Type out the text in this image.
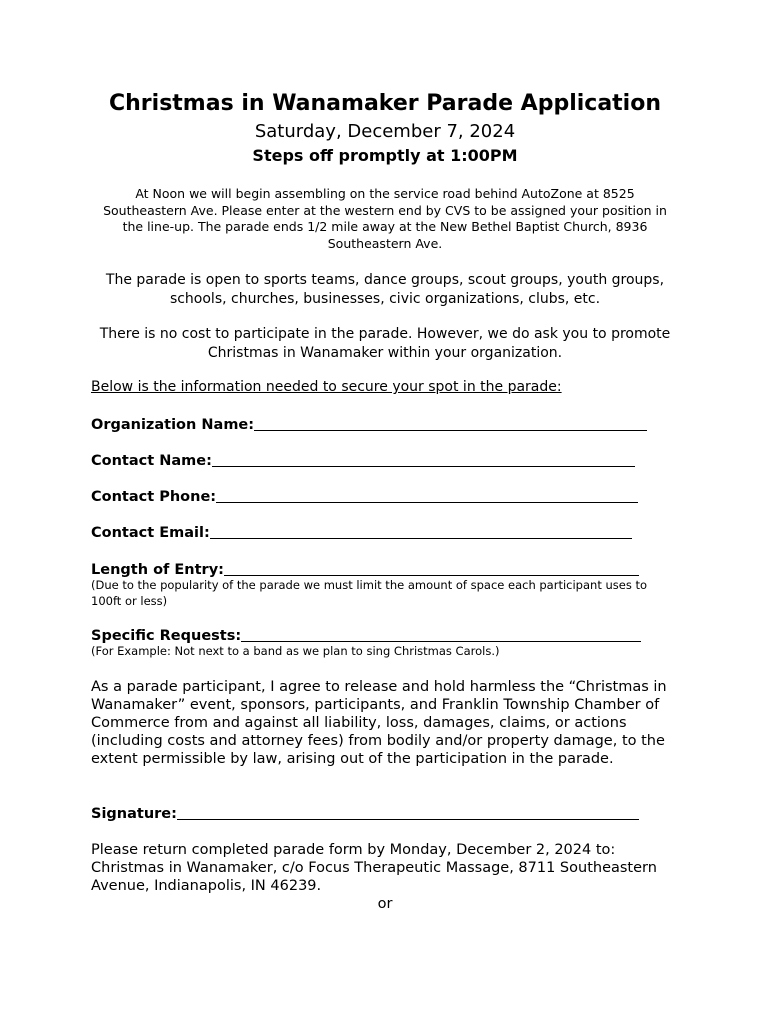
Christmas in Wanamaker Parade Application
Saturday, December 7, 2024
Steps off promptly at 1:00PM
At Noon we will begin assembling on the service road behind AutoZone at 8525 Southeastern Ave. Please enter at the western end by CVS to be assigned your position in the line-up. The parade ends 1/2 mile away at the New Bethel Baptist Church, 8936 Southeastern Ave.
The parade is open to sports teams, dance groups, scout groups, youth groups, schools, churches, businesses, civic organizations, clubs, etc.
There is no cost to participate in the parade. However, we do ask you to promote Christmas in Wanamaker within your organization.
Below is the information needed to secure your spot in the parade:
Organization Name:
Contact Name:
Contact Phone:
Contact Email:
Length of Entry:
(Due to the popularity of the parade we must limit the amount of space each participant uses to 100ft or less)
Specific Requests:
(For Example: Not next to a band as we plan to sing Christmas Carols.)
As a parade participant, I agree to release and hold harmless the “Christmas in Wanamaker” event, sponsors, participants, and Franklin Township Chamber of Commerce from and against all liability, loss, damages, claims, or actions (including costs and attorney fees) from bodily and/or property damage, to the extent permissible by law, arising out of the participation in the parade.
Signature:
Please return completed parade form by Monday, December 2, 2024 to: Christmas in Wanamaker, c/o Focus Therapeutic Massage, 8711 Southeastern Avenue, Indianapolis, IN 46239.
or
